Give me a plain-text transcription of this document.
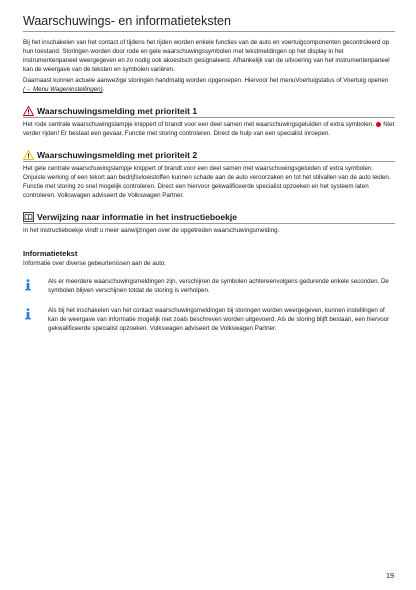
Waarschuwings- en informatieteksten

Bij het inschakelen van het contact of tijdens het rijden worden enkele functies van de auto en voertuigcomponenten gecontroleerd op hun toestand. Storingen worden door rode en gele waarschuwingssymbolen met tekstmeldingen op het display in het instrumentenpaneel weergegeven en zo nodig ook akoestisch gesignaleerd. Afhankelijk van de uitvoering van het instrumentenpaneel kan de weergave van de teksten en symbolen variëren.

Daarnaast kunnen actuele aanwezige storingen handmatig worden opgeroepen. Hiervoor het menuVoertuigstatus of Voertuig openen (→ Menu Wageninstellingen).

Waarschuwingsmelding met prioriteit 1

Het rode centrale waarschuwingslampje knippert of brandt voor een deel samen met waarschuwingsgeluiden of extra symbolen. Niet verder rijden! Er bestaat een gevaar. Functie met storing controleren. Direct de hulp van een specialist inroepen.

Waarschuwingsmelding met prioriteit 2

Het gele centrale waarschuwingslampje knippert of brandt voor een deel samen met waarschuwingsgeluiden of extra symbolen. Onjuiste werking of een tekort aan bedrijfsvloeistoffen kunnen schade aan de auto veroorzaken en tot het stilvallen van de auto leiden. Functie met storing zo snel mogelijk controleren. Direct een hiervoor gekwalificeerde specialist opzoeken en het systeem laten controleren. Volkswagen adviseert de Volkswagen Partner.

Verwijzing naar informatie in het instructieboekje

In het instructieboekje vindt u meer aanwijzingen over de opgetreden waarschuwingsmelding.

Informatietekst

Informatie over diverse gebeurtenissen aan de auto.

Als er meerdere waarschuwingsmeldingen zijn, verschijnen de symbolen achtereenvolgens gedurende enkele seconden. De symbolen blijven verschijnen totdat de storing is verholpen.

Als bij het inschakelen van het contact waarschuwingsmeldingen bij storingen worden weergegeven, kunnen instellingen of kan de weergave van informatie mogelijk niet zoals beschreven worden uitgevoerd. Als de storing blijft bestaan, een hiervoor gekwalificeerde specialist opzoeken. Volkswagen adviseert de Volkswagen Partner.

19
